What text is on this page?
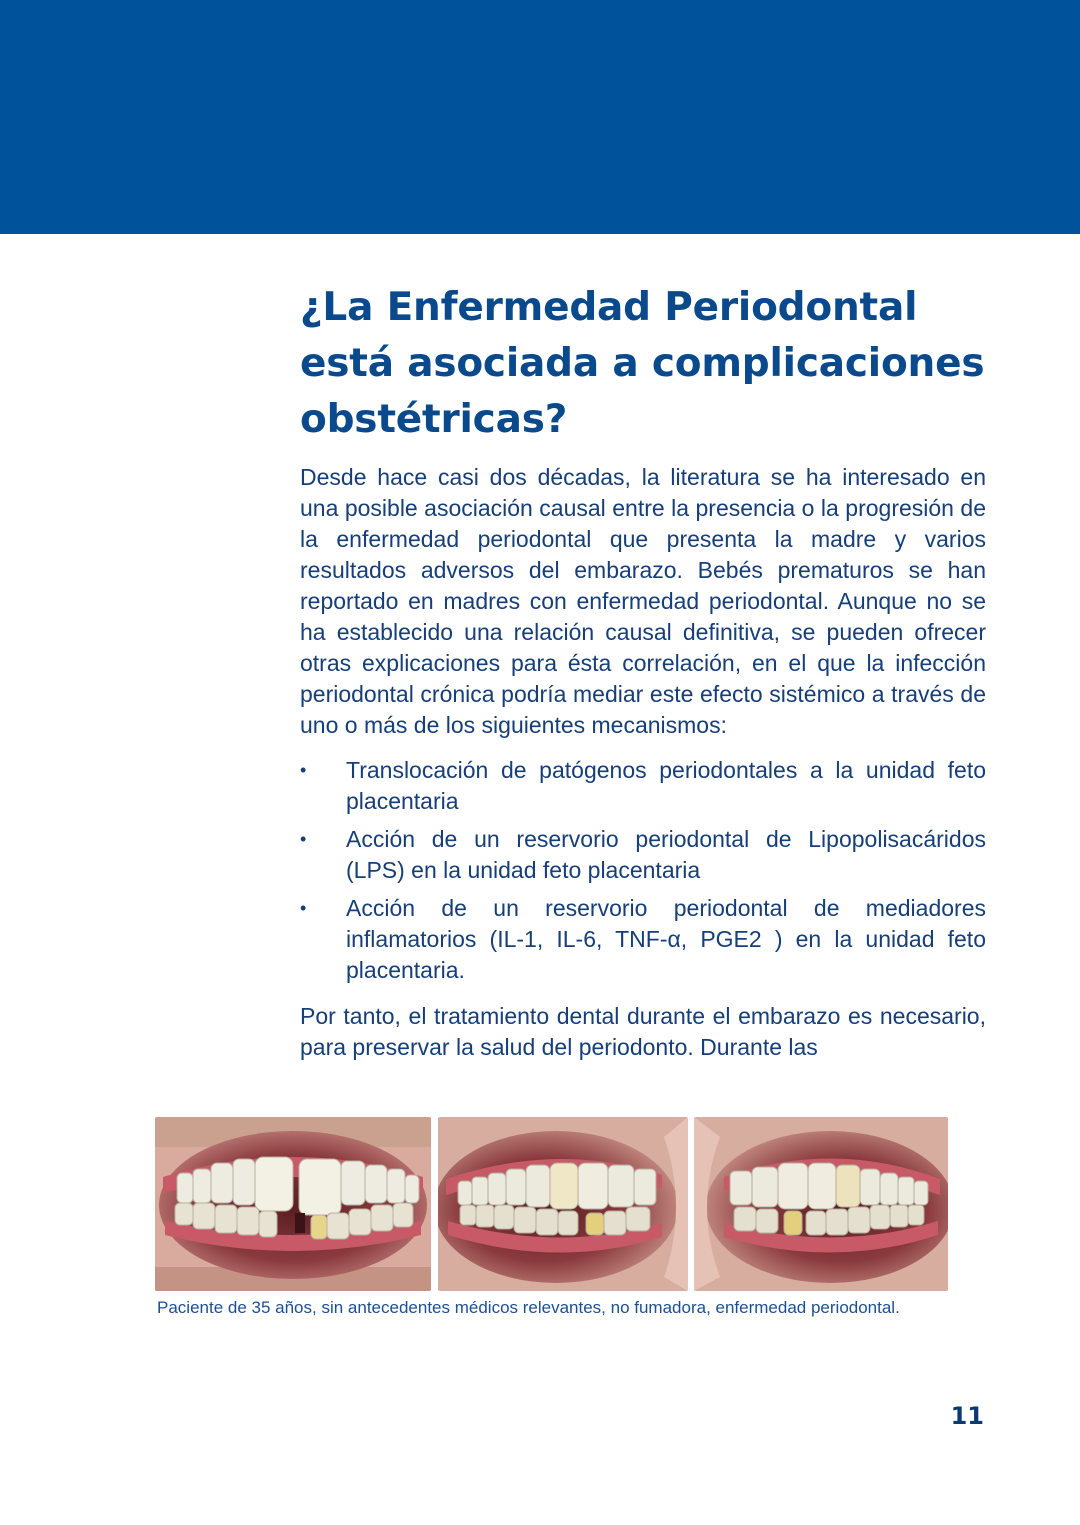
¿La Enfermedad Periodontal está asociada a complicaciones obstétricas?

Desde hace casi dos décadas, la literatura se ha interesado en una posible asociación causal entre la presencia o la progresión de la enfermedad periodontal que presenta la madre y varios resultados adversos del embarazo. Bebés prematuros se han reportado en madres con enfermedad periodontal. Aunque no se ha establecido una relación causal definitiva, se pueden ofrecer otras explicaciones para ésta correlación, en el que la infección periodontal crónica podría mediar este efecto sistémico a través de uno o más de los siguientes mecanismos:

• Translocación de patógenos periodontales a la unidad feto placentaria
• Acción de un reservorio periodontal de Lipopolisacáridos (LPS) en la unidad feto placentaria
• Acción de un reservorio periodontal de mediadores inflamatorios (IL-1, IL-6, TNF-α, PGE2 ) en la unidad feto placentaria.

Por tanto, el tratamiento dental durante el embarazo es necesario, para preservar la salud del periodonto. Durante las

Paciente de 35 años, sin antecedentes médicos relevantes, no fumadora, enfermedad periodontal.

11
